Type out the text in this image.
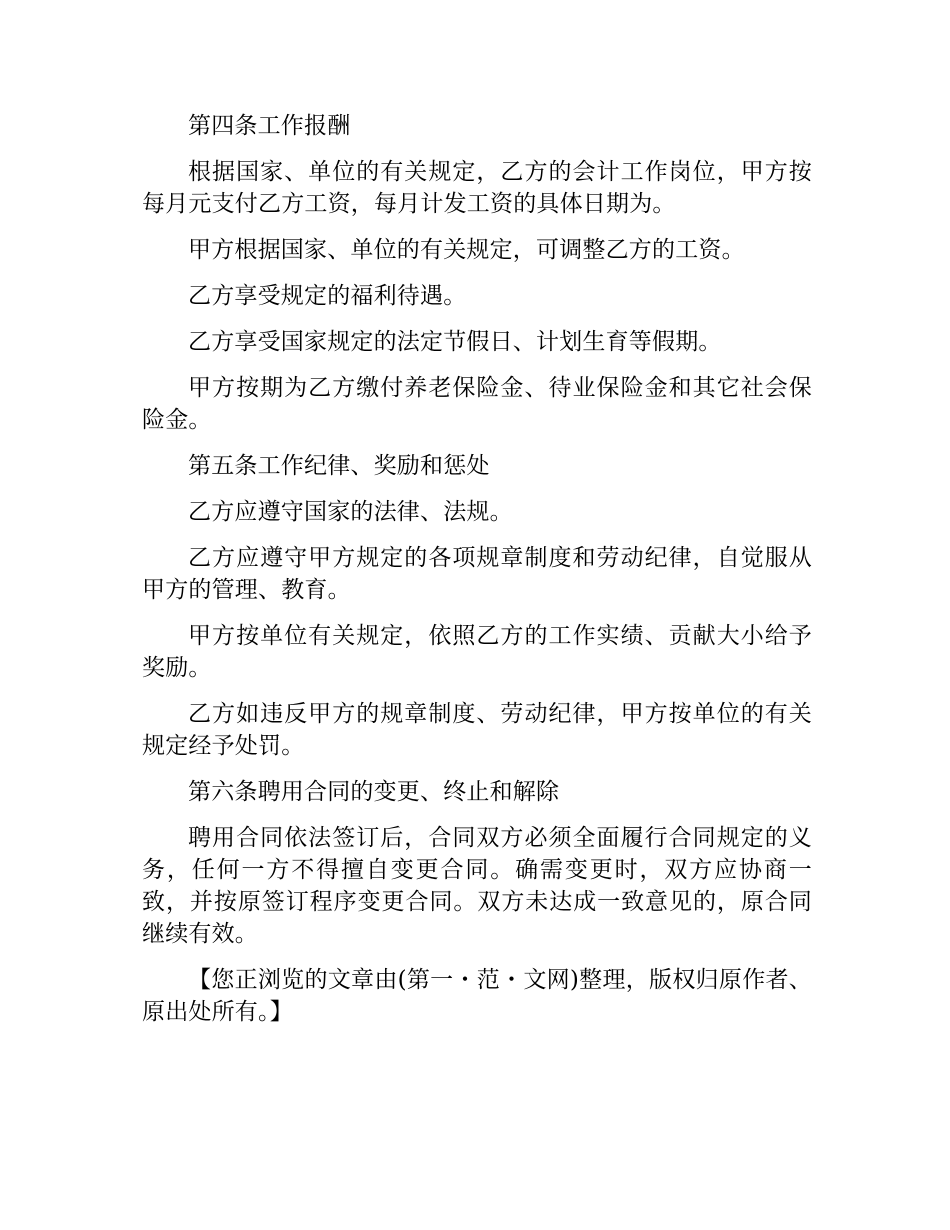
第四条工作报酬

根据国家、单位的有关规定，乙方的会计工作岗位，甲方按每月元支付乙方工资，每月计发工资的具体日期为。

甲方根据国家、单位的有关规定，可调整乙方的工资。

乙方享受规定的福利待遇。

乙方享受国家规定的法定节假日、计划生育等假期。

甲方按期为乙方缴付养老保险金、待业保险金和其它社会保险金。

第五条工作纪律、奖励和惩处

乙方应遵守国家的法律、法规。

乙方应遵守甲方规定的各项规章制度和劳动纪律，自觉服从甲方的管理、教育。

甲方按单位有关规定，依照乙方的工作实绩、贡献大小给予奖励。

乙方如违反甲方的规章制度、劳动纪律，甲方按单位的有关规定经予处罚。

第六条聘用合同的变更、终止和解除

聘用合同依法签订后，合同双方必须全面履行合同规定的义务，任何一方不得擅自变更合同。确需变更时，双方应协商一致，并按原签订程序变更合同。双方未达成一致意见的，原合同继续有效。

【您正浏览的文章由(第一・范・文网)整理，版权归原作者、原出处所有。】
